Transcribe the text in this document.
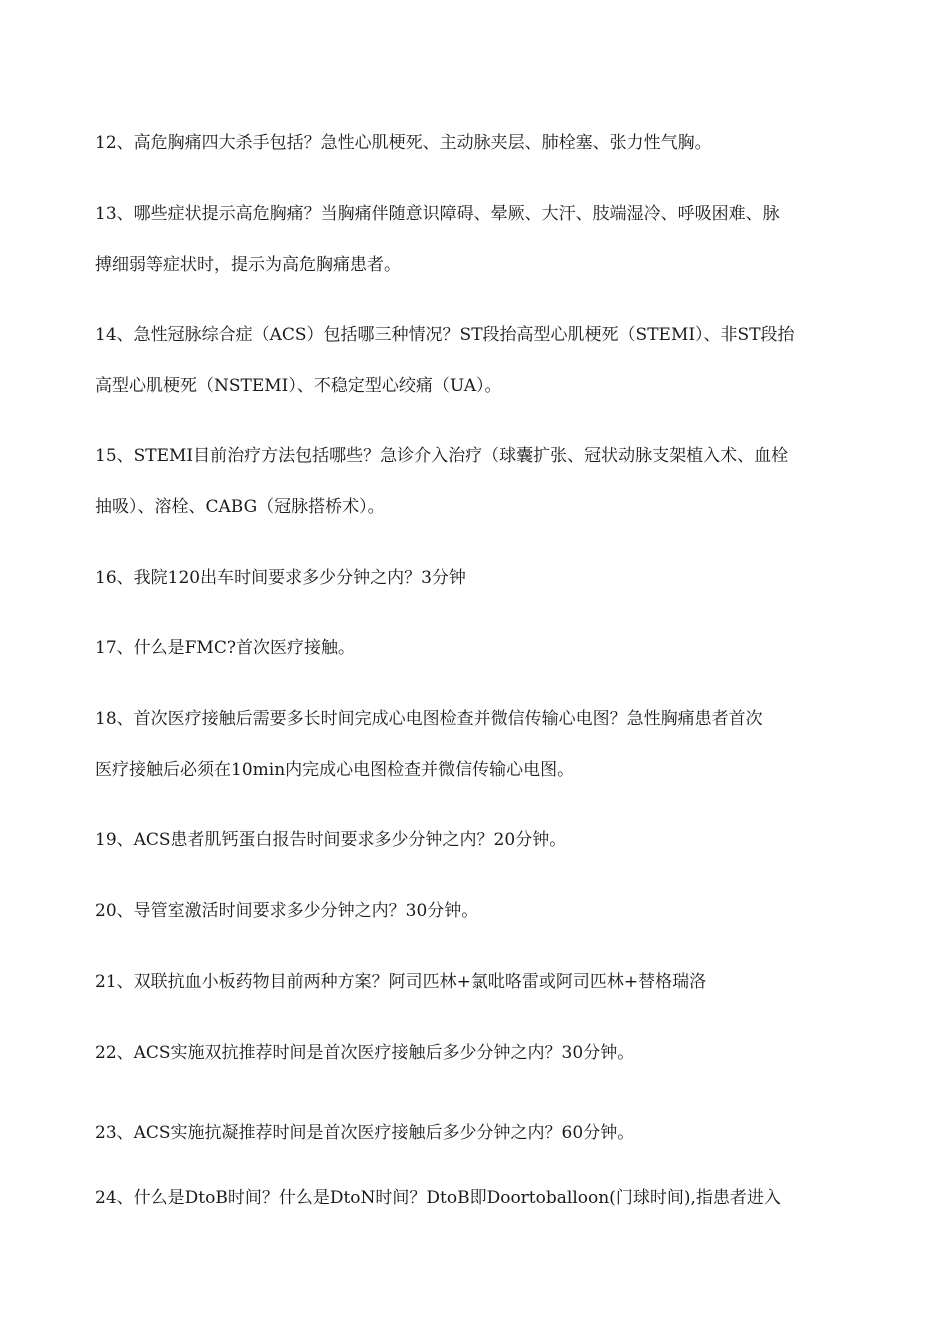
12、高危胸痛四大杀手包括？急性心肌梗死、主动脉夹层、肺栓塞、张力性气胸。

13、哪些症状提示高危胸痛？当胸痛伴随意识障碍、晕厥、大汗、肢端湿冷、呼吸困难、脉

搏细弱等症状时，提示为高危胸痛患者。

14、急性冠脉综合症（ACS）包括哪三种情况？ST段抬高型心肌梗死（STEMI）、非ST段抬

高型心肌梗死（NSTEMI）、不稳定型心绞痛（UA）。

15、STEMI目前治疗方法包括哪些？急诊介入治疗（球囊扩张、冠状动脉支架植入术、血栓

抽吸）、溶栓、CABG（冠脉搭桥术）。

16、我院120出车时间要求多少分钟之内？3分钟

17、什么是FMC?首次医疗接触。

18、首次医疗接触后需要多长时间完成心电图检查并微信传输心电图？急性胸痛患者首次

医疗接触后必须在10min内完成心电图检查并微信传输心电图。

19、ACS患者肌钙蛋白报告时间要求多少分钟之内？20分钟。

20、导管室激活时间要求多少分钟之内？30分钟。

21、双联抗血小板药物目前两种方案？阿司匹林+氯吡咯雷或阿司匹林+替格瑞洛

22、ACS实施双抗推荐时间是首次医疗接触后多少分钟之内？30分钟。

23、ACS实施抗凝推荐时间是首次医疗接触后多少分钟之内？60分钟。

24、什么是DtoB时间？什么是DtoN时间？DtoB即Doortoballoon(门球时间),指患者进入
